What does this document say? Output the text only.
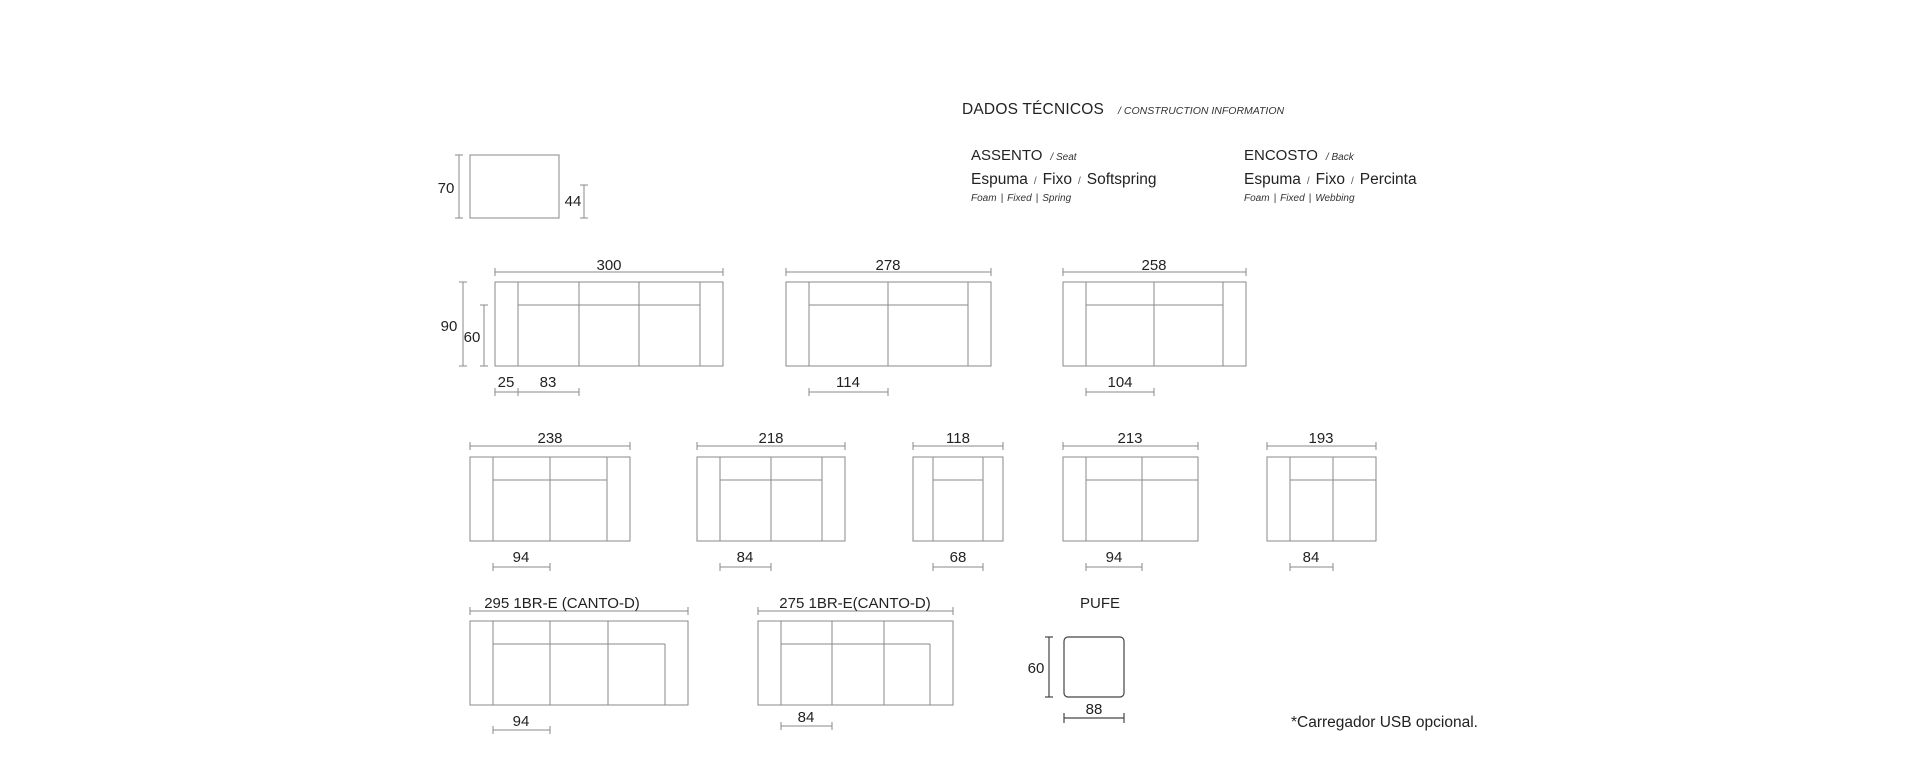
DADOS TÉCNICOS / CONSTRUCTION INFORMATION
ASSENTO / Seat
Espuma / Fixo / Softspring
Foam | Fixed | Spring
ENCOSTO / Back
Espuma / Fixo / Percinta
Foam | Fixed | Webbing
*Carregador USB opcional.
70
44
90
60
25 83
300	278
114
258
104
238
94
218
84
118
68
213
94
193
84
295 1BR-E (CANTO-D)
94
275 1BR-E(CANTO-D)
84
PUFE
60
88
